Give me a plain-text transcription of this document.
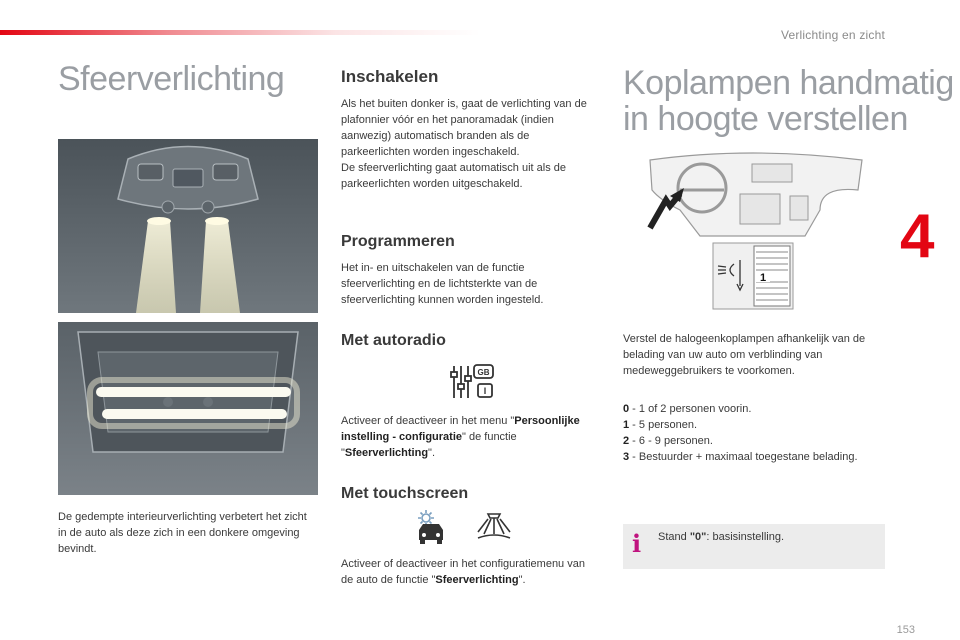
Verlichting en zicht
4
Sfeerverlichting
De gedempte interieurverlichting verbetert het zicht in de auto als deze zich in een donkere omgeving bevindt.
Inschakelen
Als het buiten donker is, gaat de verlichting van de plafonnier vóór en het panoramadak (indien aanwezig) automatisch branden als de parkeerlichten worden ingeschakeld.
De sfeerverlichting gaat automatisch uit als de parkeerlichten worden uitgeschakeld.
Programmeren
Het in- en uitschakelen van de functie sfeerverlichting en de lichtsterkte van de sfeerverlichting kunnen worden ingesteld.
Met autoradio
GB
I
Activeer of deactiveer in het menu "Persoonlijke instelling - configuratie" de functie "Sfeerverlichting".
Met touchscreen
Activeer of deactiveer in het configuratiemenu van de auto de functie "Sfeerverlichting".
Koplampen handmatig
in hoogte verstellen
1
Verstel de halogeenkoplampen afhankelijk van de belading van uw auto om verblinding van medeweggebruikers te voorkomen.
0 - 1 of 2 personen voorin.
1 - 5 personen.
2 - 6 - 9 personen.
3 - Bestuurder + maximaal toegestane belading.
i Stand "0": basisinstelling.
153
